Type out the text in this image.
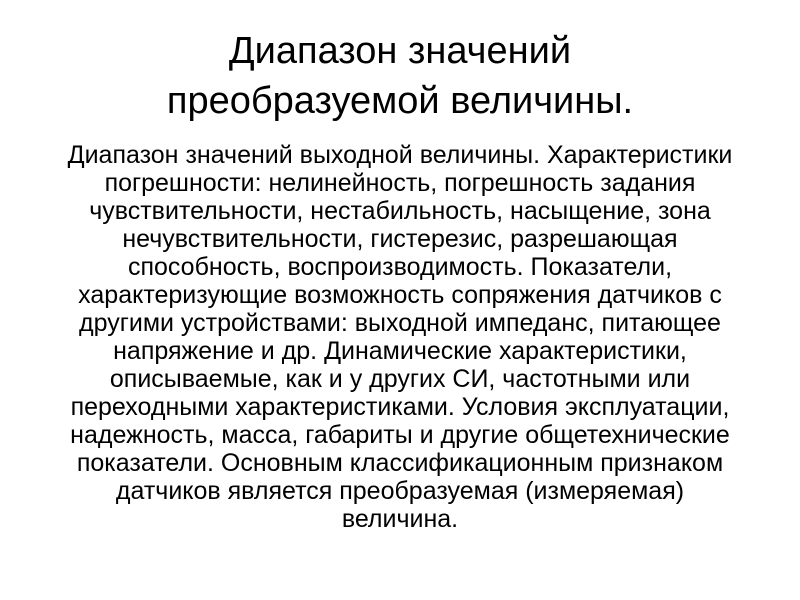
Диапазон значений
преобразуемой величины.
Диапазон значений выходной величины. Характеристики
погрешности: нелинейность, погрешность задания
чувствительности, нестабильность, насыщение, зона
нечувствительности, гистерезис, разрешающая
способность, воспроизводимость. Показатели,
характеризующие возможность сопряжения датчиков с
другими устройствами: выходной импеданс, питающее
напряжение и др. Динамические характеристики,
описываемые, как и у других СИ, частотными или
переходными характеристиками. Условия эксплуатации,
надежность, масса, габариты и другие общетехнические
показатели. Основным классификационным признаком
датчиков является преобразуемая (измеряемая)
величина.
